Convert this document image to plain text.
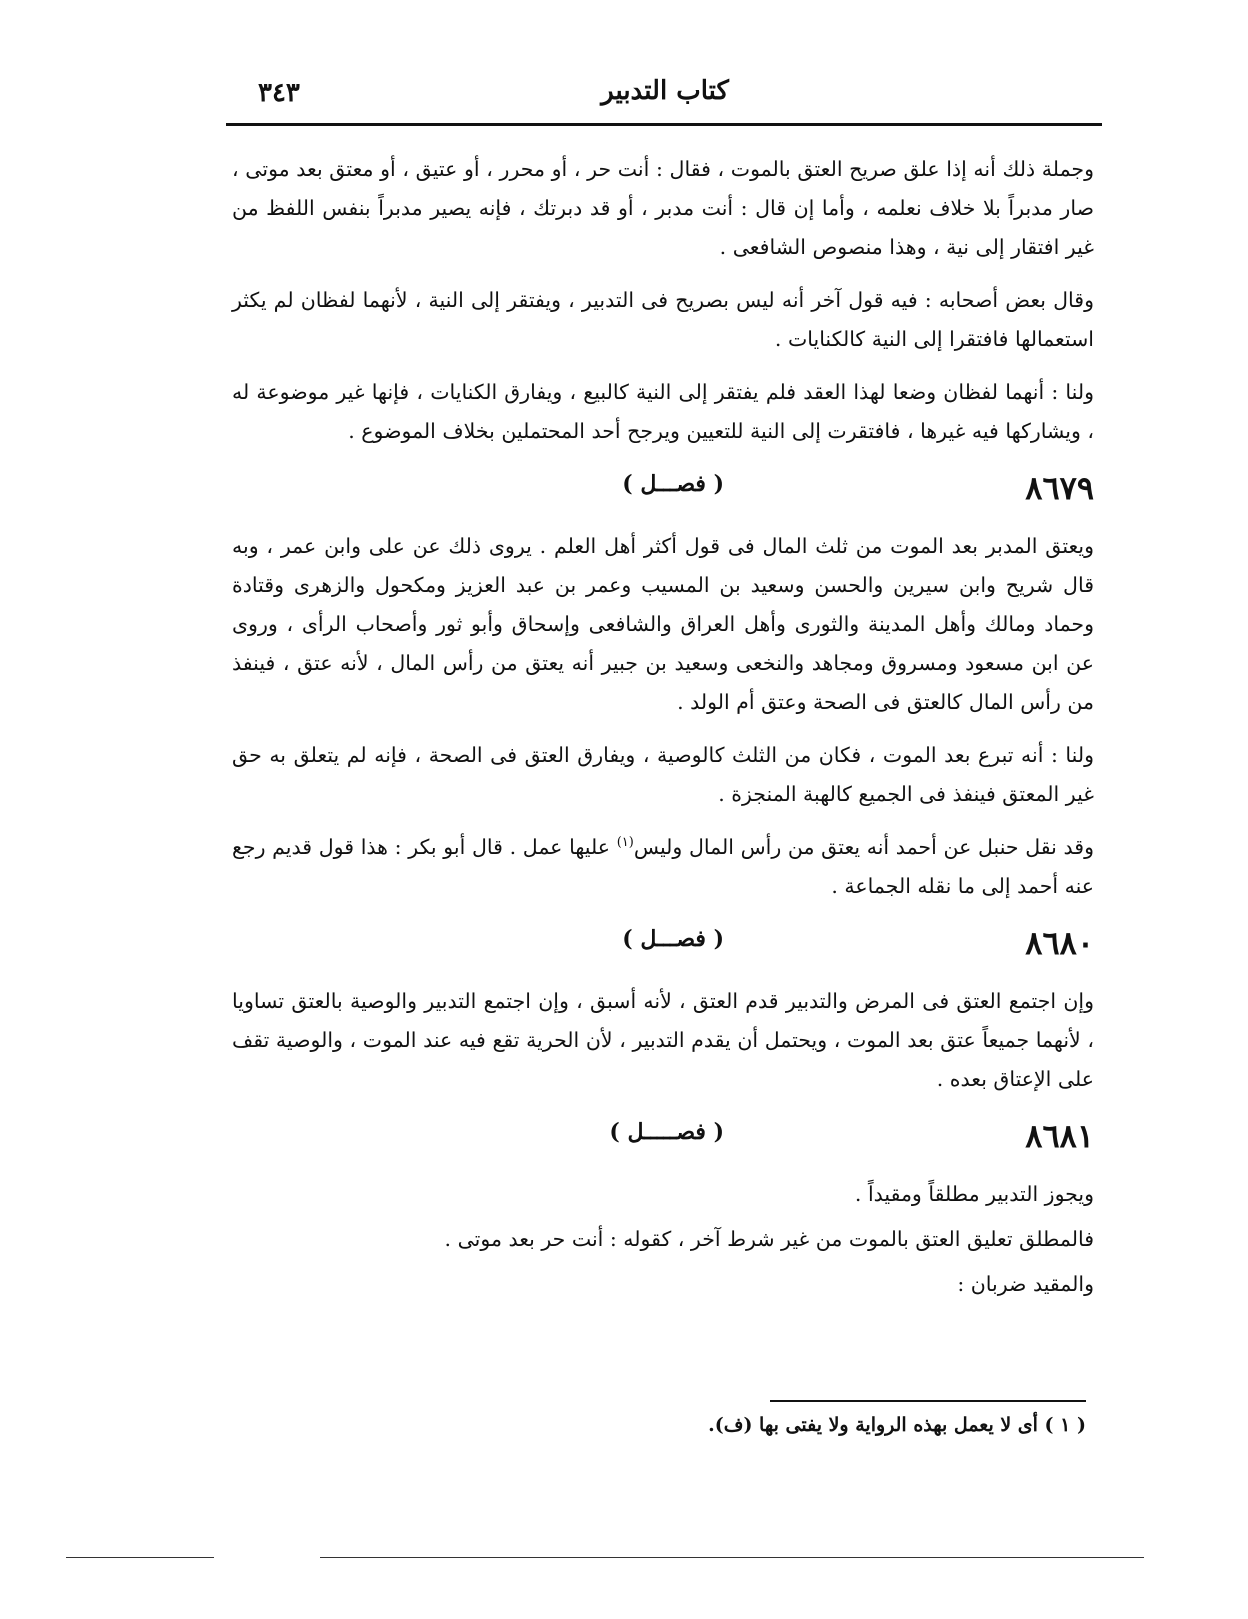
كتاب التدبير
٣٤٣

وجملة ذلك أنه إذا علق صريح العتق بالموت ، فقال : أنت حر ، أو محرر ، أو عتيق ، أو معتق بعد موتى ، صار مدبراً بلا خلاف نعلمه ، وأما إن قال : أنت مدبر ، أو قد دبرتك ، فإنه يصير مدبراً بنفس اللفظ من غير افتقار إلى نية ، وهذا منصوص الشافعى .

وقال بعض أصحابه : فيه قول آخر أنه ليس بصريح فى التدبير ، ويفتقر إلى النية ، لأنهما لفظان لم يكثر استعمالها فافتقرا إلى النية كالكنايات .

ولنا : أنهما لفظان وضعا لهذا العقد فلم يفتقر إلى النية كالبيع ، ويفارق الكنايات ، فإنها غير موضوعة له ، ويشاركها فيه غيرها ، فافتقرت إلى النية للتعيين ويرجح أحد المحتملين بخلاف الموضوع .

٨٦٧٩
( فصـــل )

ويعتق المدبر بعد الموت من ثلث المال فى قول أكثر أهل العلم . يروى ذلك عن على وابن عمر ، وبه قال شريح وابن سيرين والحسن وسعيد بن المسيب وعمر بن عبد العزيز ومكحول والزهرى وقتادة وحماد ومالك وأهل المدينة والثورى وأهل العراق والشافعى وإسحاق وأبو ثور وأصحاب الرأى ، وروى عن ابن مسعود ومسروق ومجاهد والنخعى وسعيد بن جبير أنه يعتق من رأس المال ، لأنه عتق ، فينفذ من رأس المال كالعتق فى الصحة وعتق أم الولد .

ولنا : أنه تبرع بعد الموت ، فكان من الثلث كالوصية ، ويفارق العتق فى الصحة ، فإنه لم يتعلق به حق غير المعتق فينفذ فى الجميع كالهبة المنجزة .

وقد نقل حنبل عن أحمد أنه يعتق من رأس المال وليس$^{(١)}$ عليها عمل . قال أبو بكر : هذا قول قديم رجع عنه أحمد إلى ما نقله الجماعة .

٨٦٨٠
( فصـــل )

وإن اجتمع العتق فى المرض والتدبير قدم العتق ، لأنه أسبق ، وإن اجتمع التدبير والوصية بالعتق تساويا ، لأنهما جميعاً عتق بعد الموت ، ويحتمل أن يقدم التدبير ، لأن الحرية تقع فيه عند الموت ، والوصية تقف على الإعتاق بعده .

٨٦٨١
( فصـــــل )

ويجوز التدبير مطلقاً ومقيداً .

فالمطلق تعليق العتق بالموت من غير شرط آخر ، كقوله : أنت حر بعد موتى .

والمقيد ضربان :

( ١ ) أى لا يعمل بهذه الرواية ولا يفتى بها (ف).
